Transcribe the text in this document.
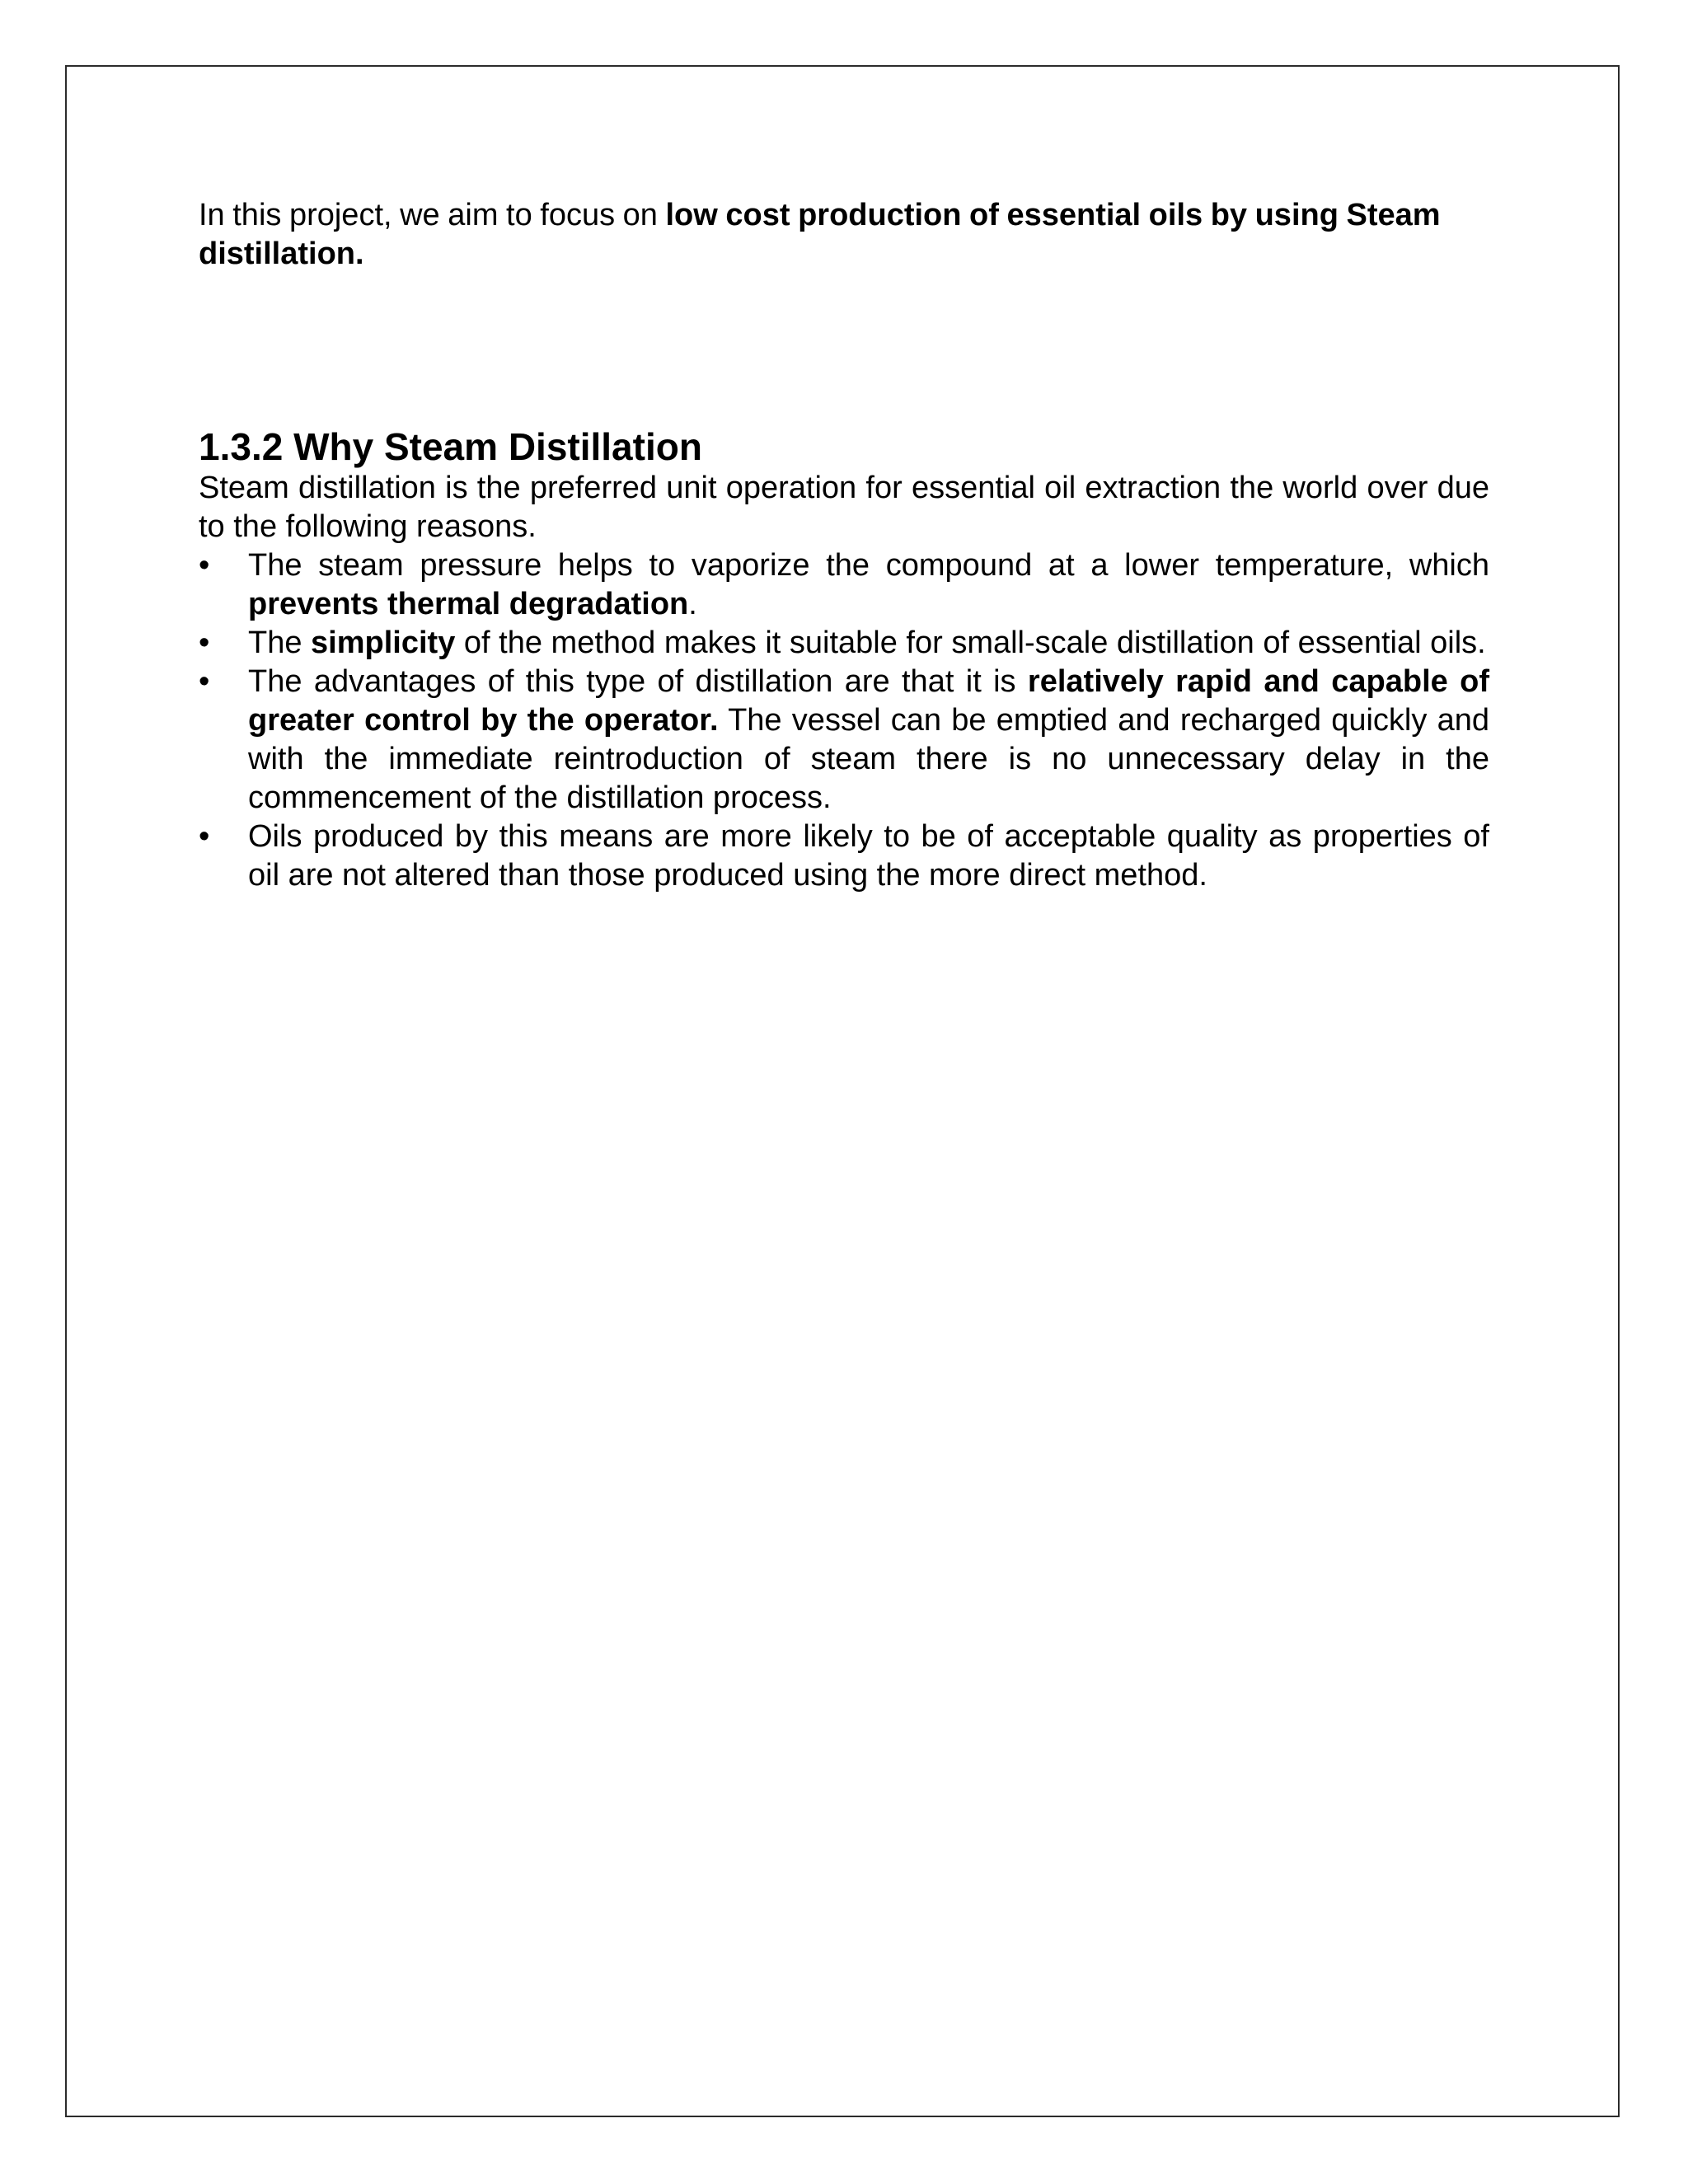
In this project, we aim to focus on low cost production of essential oils by using Steam distillation.

1.3.2 Why Steam Distillation

Steam distillation is the preferred unit operation for essential oil extraction the world over due to the following reasons.

•	The steam pressure helps to vaporize the compound at a lower temperature, which prevents thermal degradation.
•	The simplicity of the method makes it suitable for small-scale distillation of essential oils.
•	The advantages of this type of distillation are that it is relatively rapid and capable of greater control by the operator. The vessel can be emptied and recharged quickly and with the immediate reintroduction of steam there is no unnecessary delay in the commencement of the distillation process.
•	Oils produced by this means are more likely to be of acceptable quality as properties of oil are not altered than those produced using the more direct method.
